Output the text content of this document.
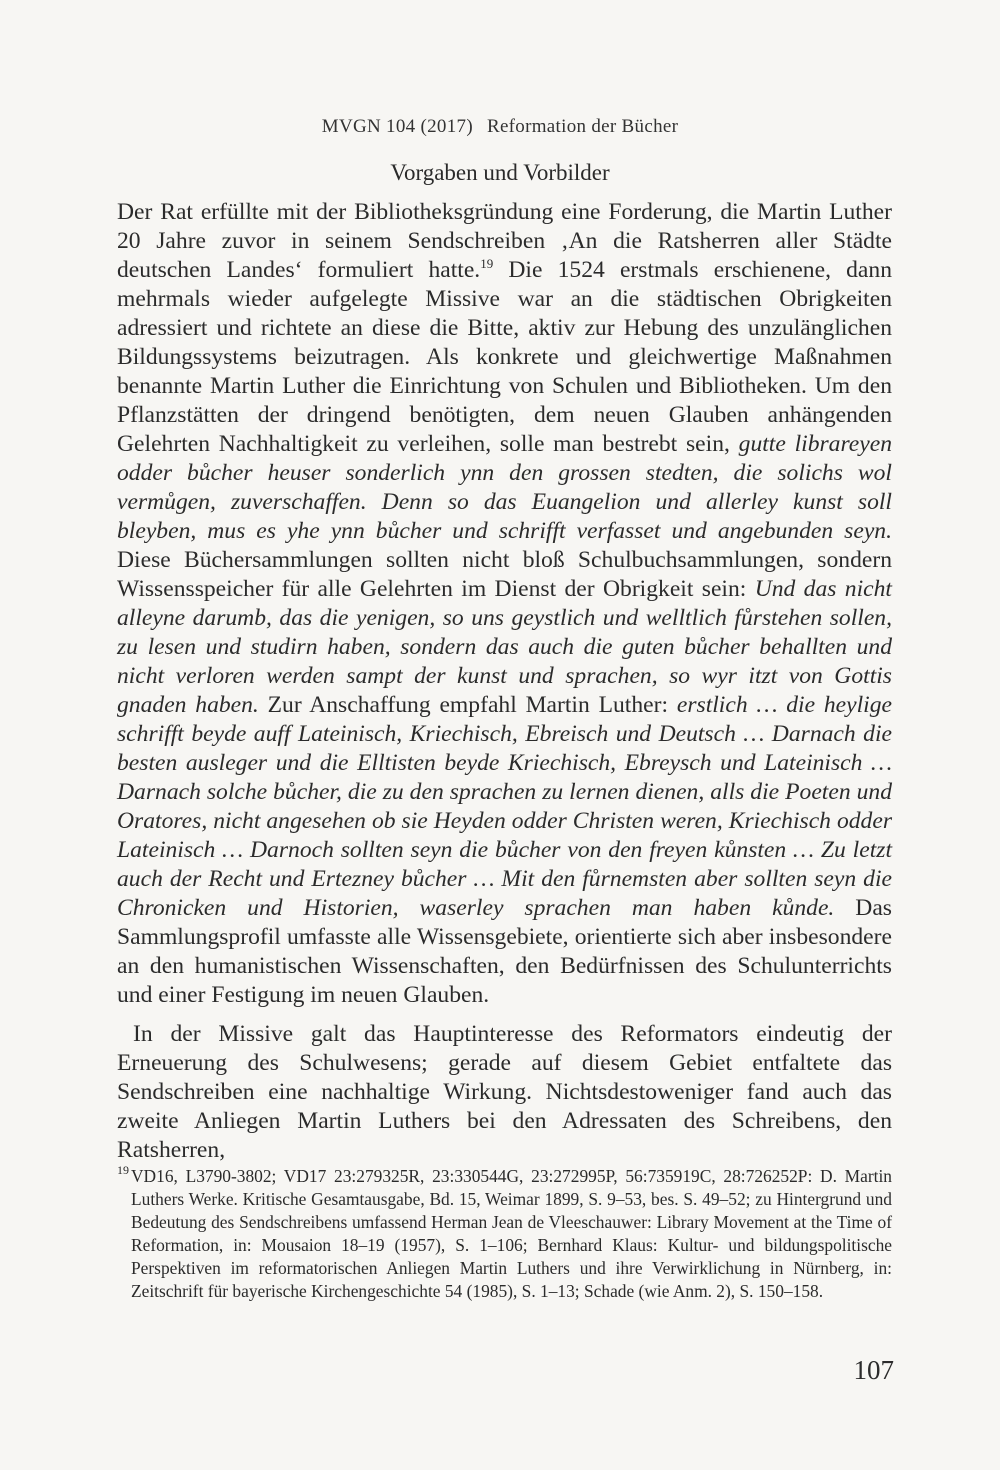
MVGN 104 (2017) Reformation der Bücher
Vorgaben und Vorbilder

Der Rat erfüllte mit der Bibliotheksgründung eine Forderung, die Martin Luther 20 Jahre zuvor in seinem Sendschreiben ‚An die Ratsherren aller Städte deutschen Landes‘ formuliert hatte.$^{19}$ Die 1524 erstmals erschienene, dann mehrmals wieder aufgelegte Missive war an die städtischen Obrigkeiten adressiert und richtete an diese die Bitte, aktiv zur Hebung des unzulänglichen Bildungssystems beizutragen. Als konkrete und gleichwertige Maßnahmen benannte Martin Luther die Einrichtung von Schulen und Bibliotheken. Um den Pflanzstätten der dringend benötigten, dem neuen Glauben anhängenden Gelehrten Nachhaltigkeit zu verleihen, solle man bestrebt sein, gutte librareyen odder bůcher heuser sonderlich ynn den grossen stedten, die solichs wol vermůgen, zuverschaffen. Denn so das Euangelion und allerley kunst soll bleyben, mus es yhe ynn bůcher und schrifft verfasset und angebunden seyn. Diese Büchersammlungen sollten nicht bloß Schulbuchsammlungen, sondern Wissensspeicher für alle Gelehrten im Dienst der Obrigkeit sein: Und das nicht alleyne darumb, das die yenigen, so uns geystlich und welltlich fůrstehen sollen, zu lesen und studirn haben, sondern das auch die guten bůcher behallten und nicht verloren werden sampt der kunst und sprachen, so wyr itzt von Gottis gnaden haben. Zur Anschaffung empfahl Martin Luther: erstlich … die heylige schrifft beyde auff Lateinisch, Kriechisch, Ebreisch und Deutsch … Darnach die besten ausleger und die Elltisten beyde Kriechisch, Ebreysch und Lateinisch … Darnach solche bůcher, die zu den sprachen zu lernen dienen, alls die Poeten und Oratores, nicht angesehen ob sie Heyden odder Christen weren, Kriechisch odder Lateinisch … Darnoch sollten seyn die bůcher von den freyen kůnsten … Zu letzt auch der Recht und Ertezney bůcher … Mit den fůrnemsten aber sollten seyn die Chronicken und Historien, waserley sprachen man haben kůnde. Das Sammlungsprofil umfasste alle Wissensgebiete, orientierte sich aber insbesondere an den humanistischen Wissenschaften, den Bedürfnissen des Schulunterrichts und einer Festigung im neuen Glauben.

In der Missive galt das Hauptinteresse des Reformators eindeutig der Erneuerung des Schulwesens; gerade auf diesem Gebiet entfaltete das Sendschreiben eine nachhaltige Wirkung. Nichtsdestoweniger fand auch das zweite Anliegen Martin Luthers bei den Adressaten des Schreibens, den Ratsherren,

19 VD16, L3790-3802; VD17 23:279325R, 23:330544G, 23:272995P, 56:735919C, 28:726252P: D. Martin Luthers Werke. Kritische Gesamtausgabe, Bd. 15, Weimar 1899, S. 9–53, bes. S. 49–52; zu Hintergrund und Bedeutung des Sendschreibens umfassend Herman Jean de Vleeschauwer: Library Movement at the Time of Reformation, in: Mousaion 18–19 (1957), S. 1–106; Bernhard Klaus: Kultur- und bildungspolitische Perspektiven im reformatorischen Anliegen Martin Luthers und ihre Verwirklichung in Nürnberg, in: Zeitschrift für bayerische Kirchengeschichte 54 (1985), S. 1–13; Schade (wie Anm. 2), S. 150–158.
107
